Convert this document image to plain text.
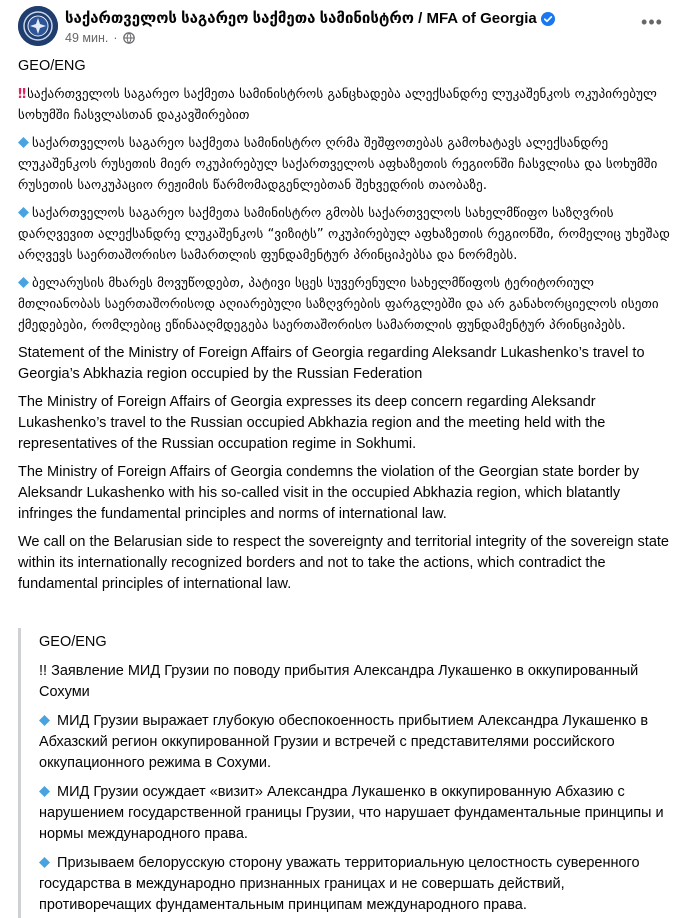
საქართველოს საგარეო საქმეთა სამინისტრო / MFA of Georgia
49 мин. ·
•••

GEO/ENG

‼ საქართველოს საგარეო საქმეთა სამინისტროს განცხადება ალექსანდრე ლუკაშენკოს ოკუპირებულ სოხუმში ჩასვლასთან დაკავშირებით

საქართველოს საგარეო საქმეთა სამინისტრო ღრმა შეშფოთებას გამოხატავს ალექსანდრე ლუკაშენკოს რუსეთის მიერ ოკუპირებულ საქართველოს აფხაზეთის რეგიონში ჩასვლისა და სოხუმში რუსეთის საოკუპაციო რეჟიმის წარმომადგენლებთან შეხვედრის თაობაზე.

საქართველოს საგარეო საქმეთა სამინისტრო გმობს საქართველოს სახელმწიფო საზღვრის დარღვევით ალექსანდრე ლუკაშენკოს “ვიზიტს” ოკუპირებულ აფხაზეთის რეგიონში, რომელიც უხეშად არღვევს საერთაშორისო სამართლის ფუნდამენტურ პრინციპებსა და ნორმებს.

ბელარუსის მხარეს მოვუწოდებთ, პატივი სცეს სუვერენული სახელმწიფოს ტერიტორიულ მთლიანობას საერთაშორისოდ აღიარებული საზღვრების ფარგლებში და არ განახორციელოს ისეთი ქმედებები, რომლებიც ეწინააღმდეგება საერთაშორისო სამართლის ფუნდამენტურ პრინციპებს.

Statement of the Ministry of Foreign Affairs of Georgia regarding Aleksandr Lukashenko’s travel to Georgia’s Abkhazia region occupied by the Russian Federation

The Ministry of Foreign Affairs of Georgia expresses its deep concern regarding Aleksandr Lukashenko’s travel to the Russian occupied Abkhazia region and the meeting held with the representatives of the Russian occupation regime in Sokhumi.

The Ministry of Foreign Affairs of Georgia condemns the violation of the Georgian state border by Aleksandr Lukashenko with his so-called visit in the occupied Abkhazia region, which blatantly infringes the fundamental principles and norms of international law.

We call on the Belarusian side to respect the sovereignty and territorial integrity of the sovereign state within its internationally recognized borders and not to take the actions, which contradict the fundamental principles of international law.

GEO/ENG

!! Заявление МИД Грузии по поводу прибытия Александра Лукашенко в оккупированный Сохуми

МИД Грузии выражает глубокую обеспокоенность прибытием Александра Лукашенко в Абхазский регион оккупированной Грузии и встречей с представителями российского оккупационного режима в Сохуми.

МИД Грузии осуждает «визит» Александра Лукашенко в оккупированную Абхазию с нарушением государственной границы Грузии, что нарушает фундаментальные принципы и нормы международного права.

Призываем белорусскую сторону уважать территориальную целостность суверенного государства в международно признанных границах и не совершать действий, противоречащих фундаментальным принципам международного права.
